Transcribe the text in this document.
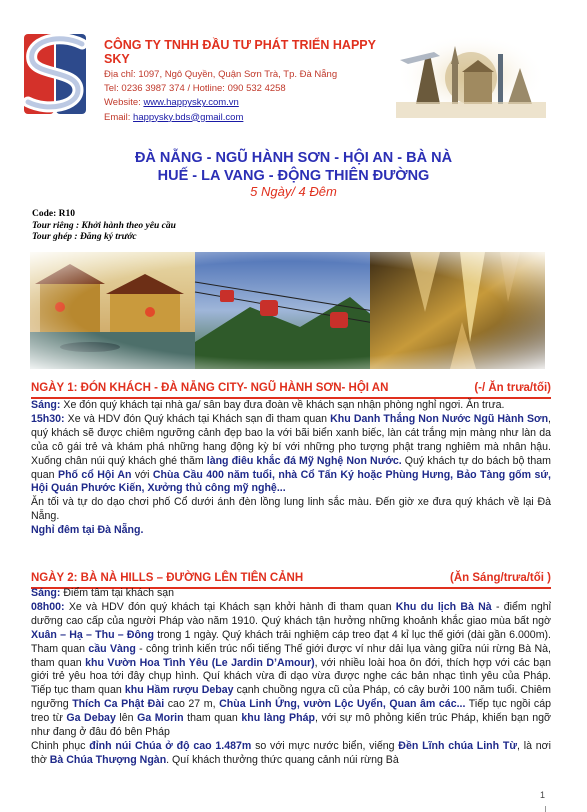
CÔNG TY TNHH ĐẦU TƯ PHÁT TRIỂN HAPPY SKY
Địa chỉ: 1097, Ngô Quyền, Quận Sơn Trà, Tp. Đà Nẵng
Tel: 0236 3987 374 / Hotline: 090 532 4258
Website: www.happysky.com.vn
Email: happysky.bds@gmail.com
ĐÀ NẴNG - NGŨ HÀNH SƠN - HỘI AN - BÀ NÀ
HUẾ - LA VANG - ĐỘNG THIÊN ĐƯỜNG
5 Ngày/ 4 Đêm
Code: R10
Tour riêng : Khởi hành theo yêu cầu
Tour ghép : Đăng ký trước
NGÀY 1: ĐÓN KHÁCH - ĐÀ NẴNG CITY- NGŨ HÀNH SƠN- HỘI AN	(-/ Ăn trưa/tối)

Sáng: Xe đón quý khách tại nhà ga/ sân bay đưa đoàn về khách sạn nhận phòng nghỉ ngơi. Ăn trưa.

15h30: Xe và HDV đón Quý khách tại Khách sạn đi tham quan Khu Danh Thắng Non Nước Ngũ Hành Sơn, quý khách sẽ được chiêm ngưỡng cảnh đẹp bao la với bãi biển xanh biếc, làn cát trắng mịn màng như làn da của cô gái trẻ và khám phá những hang động kỳ bí với những pho tượng phật trang nghiêm mà nhân hậu. Xuống chân núi quý khách ghé thăm làng điêu khắc đá Mỹ Nghệ Non Nước. Quý khách tự do bách bộ tham quan Phố cổ Hội An với Chùa Cầu 400 năm tuổi, nhà Cổ Tấn Ký hoặc Phùng Hưng, Bảo Tàng gốm sứ, Hội Quán Phước Kiến, Xưởng thủ công mỹ nghệ...

Ăn tối và tự do dạo chơi phố Cổ dưới ánh đèn lồng lung linh sắc màu. Đến giờ xe đưa quý khách về lại Đà Nẵng.

Nghỉ đêm tại Đà Nẵng.

NGÀY 2: BÀ NÀ HILLS – ĐƯỜNG LÊN TIÊN CẢNH	(Ăn Sáng/trưa/tối )

Sáng: Điểm tâm tại khách sạn

08h00: Xe và HDV đón quý khách tại Khách sạn khởi hành đi tham quan Khu du lịch Bà Nà - điểm nghỉ dưỡng cao cấp của người Pháp vào năm 1910. Quý khách tận hưởng những khoảnh khắc giao mùa bất ngờ Xuân – Hạ – Thu – Đông trong 1 ngày. Quý khách trải nghiệm cáp treo đạt 4 kỉ lục thế giới (dài gần 6.000m). Tham quan cầu Vàng - công trình kiến trúc nổi tiếng Thế giới được ví như dải lụa vàng giữa núi rừng Bà Nà, tham quan khu Vườn Hoa Tình Yêu (Le Jardin D’Amour), với nhiều loài hoa ôn đới, thích hợp với các bạn giới trẻ yêu hoa tới đây chụp hình. Quí khách vừa đi dạo vừa được nghe các bản nhạc tình yêu của Pháp. Tiếp tục tham quan khu Hầm rượu Debay cạnh chuồng ngựa cũ của Pháp, có cây bưởi 100 năm tuổi. Chiêm ngưỡng Thích Ca Phật Đài cao 27 m, Chùa Linh Ứng, vườn Lộc Uyển, Quan âm các... Tiếp tục ngồi cáp treo từ Ga Debay lên Ga Morin tham quan khu làng Pháp, với sự mô phỏng kiến trúc Pháp, khiến bạn ngỡ như đang ở đâu đó bên Pháp

Chinh phục đỉnh núi Chúa ở độ cao 1.487m so với mực nước biển, viếng Đền Lĩnh chúa Linh Từ, là nơi thờ Bà Chúa Thượng Ngàn. Quí khách thưởng thức quang cảnh núi rừng Bà

1
